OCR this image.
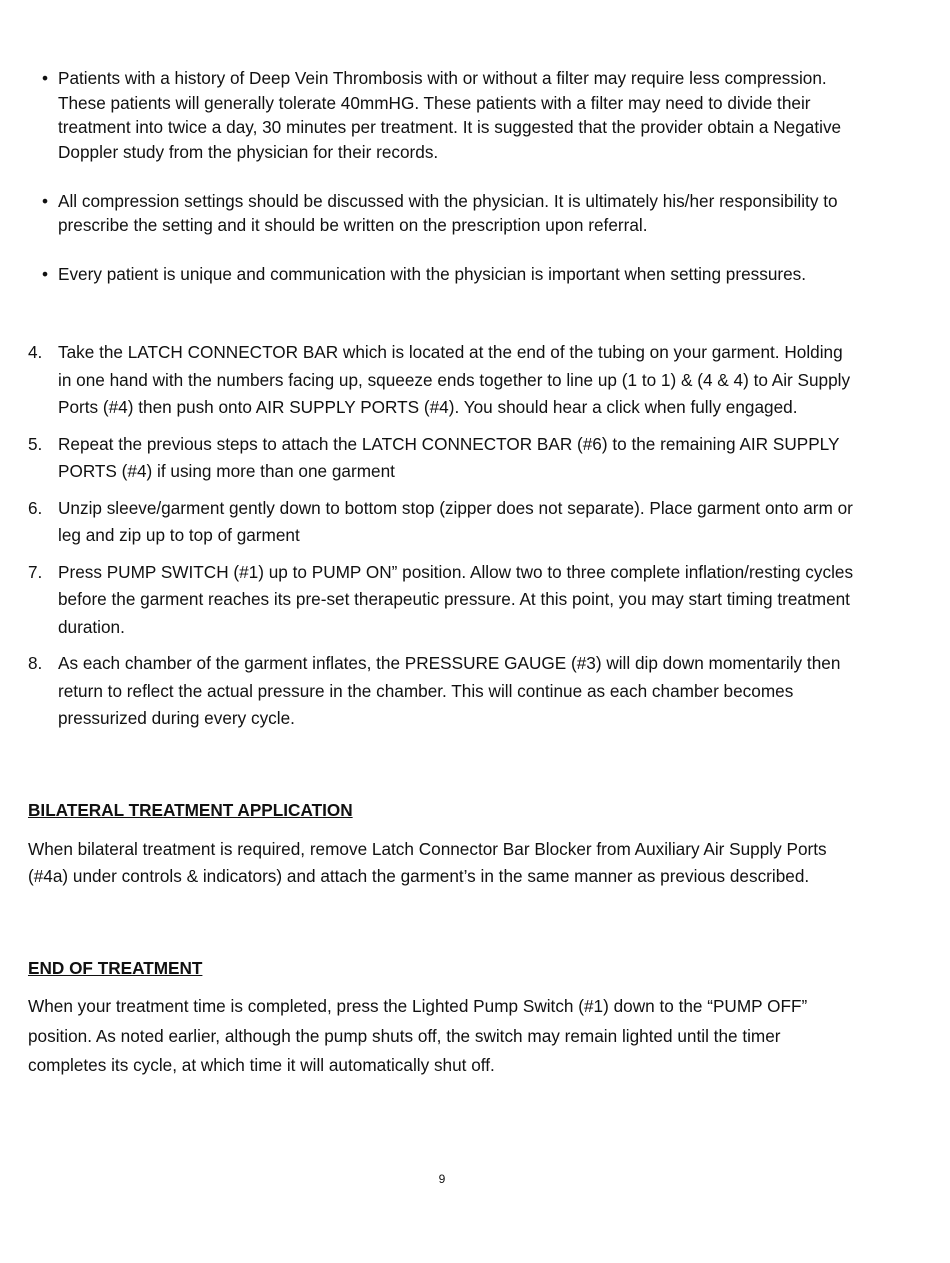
• Patients with a history of Deep Vein Thrombosis with or without a filter may require less compression. These patients will generally tolerate 40mmHG. These patients with a filter may need to divide their treatment into twice a day, 30 minutes per treatment. It is suggested that the provider obtain a Negative Doppler study from the physician for their records.
• All compression settings should be discussed with the physician. It is ultimately his/her responsibility to prescribe the setting and it should be written on the prescription upon referral.
• Every patient is unique and communication with the physician is important when setting pressures.
4. Take the LATCH CONNECTOR BAR which is located at the end of the tubing on your garment. Holding in one hand with the numbers facing up, squeeze ends together to line up (1 to 1) & (4 & 4) to Air Supply Ports (#4) then push onto AIR SUPPLY PORTS (#4). You should hear a click when fully engaged.
5. Repeat the previous steps to attach the LATCH CONNECTOR BAR (#6) to the remaining AIR SUPPLY PORTS (#4) if using more than one garment
6. Unzip sleeve/garment gently down to bottom stop (zipper does not separate). Place garment onto arm or leg and zip up to top of garment
7. Press PUMP SWITCH (#1) up to PUMP ON” position. Allow two to three complete inflation/resting cycles before the garment reaches its pre-set therapeutic pressure. At this point, you may start timing treatment duration.
8. As each chamber of the garment inflates, the PRESSURE GAUGE (#3) will dip down momentarily then return to reflect the actual pressure in the chamber. This will continue as each chamber becomes pressurized during every cycle.
BILATERAL TREATMENT APPLICATION

When bilateral treatment is required, remove Latch Connector Bar Blocker from Auxiliary Air Supply Ports (#4a) under controls & indicators) and attach the garment’s in the same manner as previous described.

END OF TREATMENT

When your treatment time is completed, press the Lighted Pump Switch (#1) down to the “PUMP OFF” position. As noted earlier, although the pump shuts off, the switch may remain lighted until the timer completes its cycle, at which time it will automatically shut off.

9
